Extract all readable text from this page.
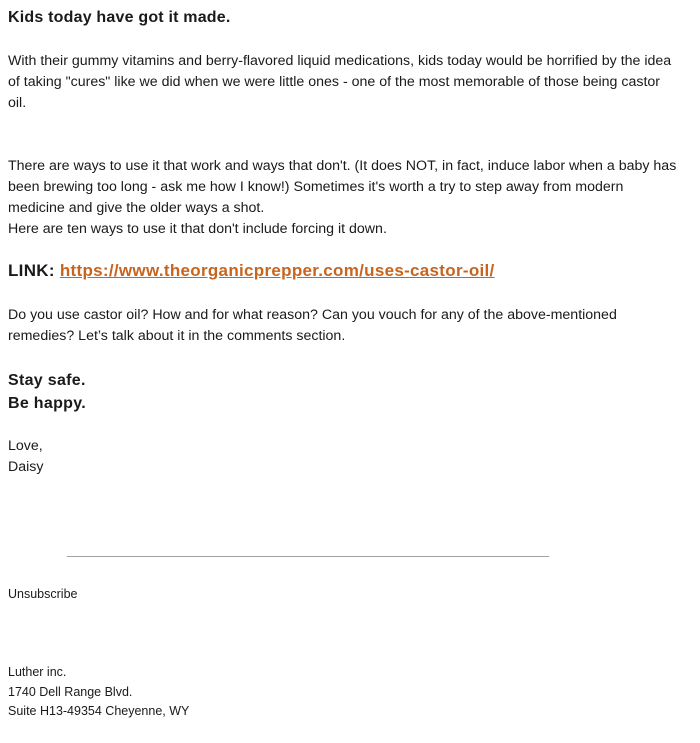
Kids today have got it made.

With their gummy vitamins and berry-flavored liquid medications, kids today would be horrified by the idea of taking "cures" like we did when we were little ones - one of the most memorable of those being castor oil.

There are ways to use it that work and ways that don't. (It does NOT, in fact, induce labor when a baby has been brewing too long - ask me how I know!) Sometimes it's worth a try to step away from modern medicine and give the older ways a shot.

Here are ten ways to use it that don't include forcing it down.

LINK: https://www.theorganicprepper.com/uses-castor-oil/

Do you use castor oil? How and for what reason? Can you vouch for any of the above-mentioned remedies? Let’s talk about it in the comments section.

Stay safe.
Be happy.

Love,
Daisy

Unsubscribe

Luther inc.
1740 Dell Range Blvd.
Suite H13-49354 Cheyenne, WY
